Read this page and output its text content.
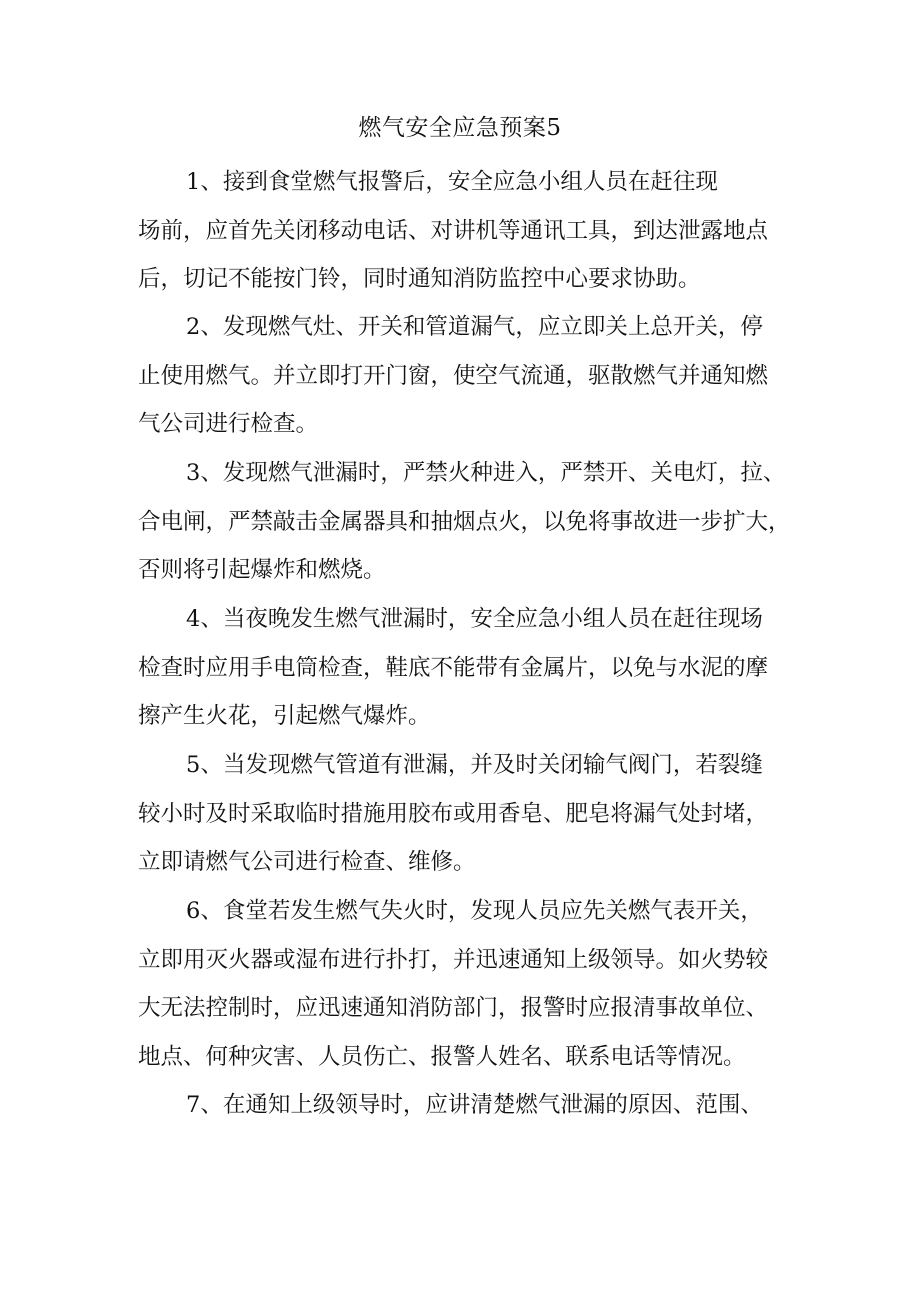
燃气安全应急预案5
1、接到食堂燃气报警后，安全应急小组人员在赶往现
场前，应首先关闭移动电话、对讲机等通讯工具，到达泄露地点
后，切记不能按门铃，同时通知消防监控中心要求协助。
2、发现燃气灶、开关和管道漏气，应立即关上总开关，停
止使用燃气。并立即打开门窗，使空气流通，驱散燃气并通知燃
气公司进行检查。
3、发现燃气泄漏时，严禁火种进入，严禁开、关电灯，拉、
合电闸，严禁敲击金属器具和抽烟点火，以免将事故进一步扩大，
否则将引起爆炸和燃烧。
4、当夜晚发生燃气泄漏时，安全应急小组人员在赶往现场
检查时应用手电筒检查，鞋底不能带有金属片，以免与水泥的摩
擦产生火花，引起燃气爆炸。
5、当发现燃气管道有泄漏，并及时关闭输气阀门，若裂缝
较小时及时采取临时措施用胶布或用香皂、肥皂将漏气处封堵，
立即请燃气公司进行检查、维修。
6、食堂若发生燃气失火时，发现人员应先关燃气表开关，
立即用灭火器或湿布进行扑打，并迅速通知上级领导。如火势较
大无法控制时，应迅速通知消防部门，报警时应报清事故单位、
地点、何种灾害、人员伤亡、报警人姓名、联系电话等情况。
7、在通知上级领导时，应讲清楚燃气泄漏的原因、范围、
